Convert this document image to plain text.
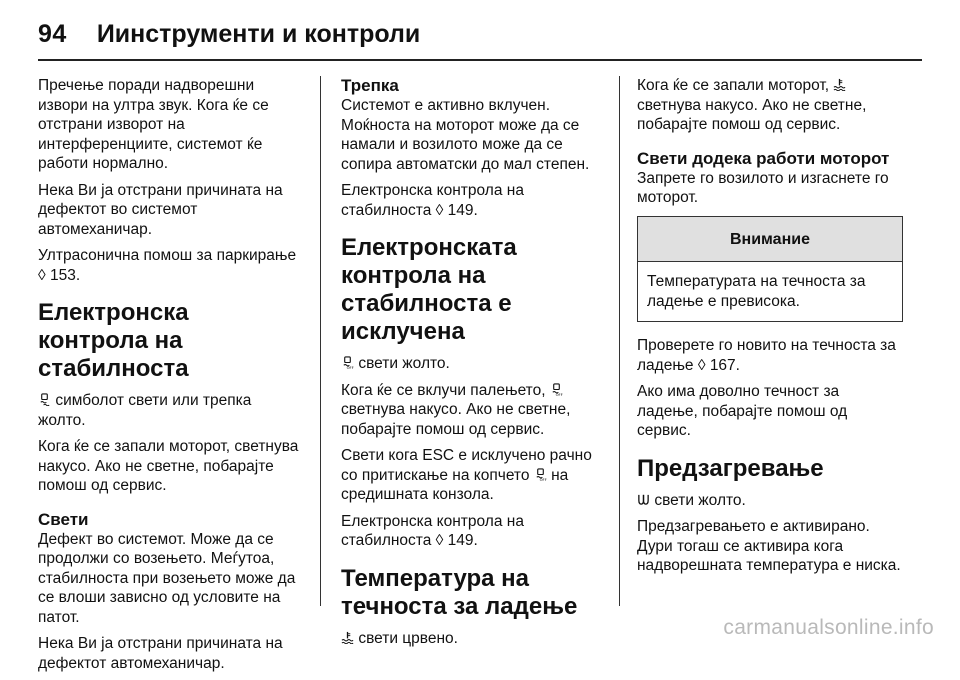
94 Иинструменти и контроли

Пречење поради надворешни извори на ултра звук. Кога ќе се отстрани изворот на интерференциите, системот ќе работи нормално.

Нека Ви ја отстрани причината на дефектот во системот автомеханичар.

Ултрасонична помош за паркирање ◊ 153.

Електронска контрола на стабилноста

симболот свети или трепка жолто.

Кога ќе се запали моторот, светнува накусо. Ако не светне, побарајте помош од сервис.

Свети

Дефект во системот. Може да се продолжи со возењето. Меѓутоа, стабилноста при возењето може да се влоши зависно од условите на патот.

Нека Ви ја отстрани причината на дефектот автомеханичар.

Трепка

Системот е активно вклучен. Моќноста на моторот може да се намали и возилото може да се сопира автоматски до мал степен.

Електронска контрола на стабилноста ◊ 149.

Електронската контрола на стабилноста е исклучена

свети жолто.

Кога ќе се вклучи палењето,  светнува накусо. Ако не светне, побарајте помош од сервис.

Свети кога ESC е исклучено рачно со притискање на копчето на средишната конзола.

Електронска контрола на стабилноста ◊ 149.

Температура на течноста за ладење

свети црвено.

Кога ќе се запали моторот,  светнува накусо. Ако не светне, побарајте помош од сервис.

Свети додека работи моторот

Запрете го возилото и изгаснете го моторот.

Внимание
Температурата на течноста за ладење е превисока.

Проверете го новито на течноста за ладење ◊ 167.

Ако има доволно течност за ладење, побарајте помош од сервис.

Предзагревање

свети жолто.

Предзагревањето е активирано. Дури тогаш се активира кога надворешната температура е ниска.

carmanualsonline.info
